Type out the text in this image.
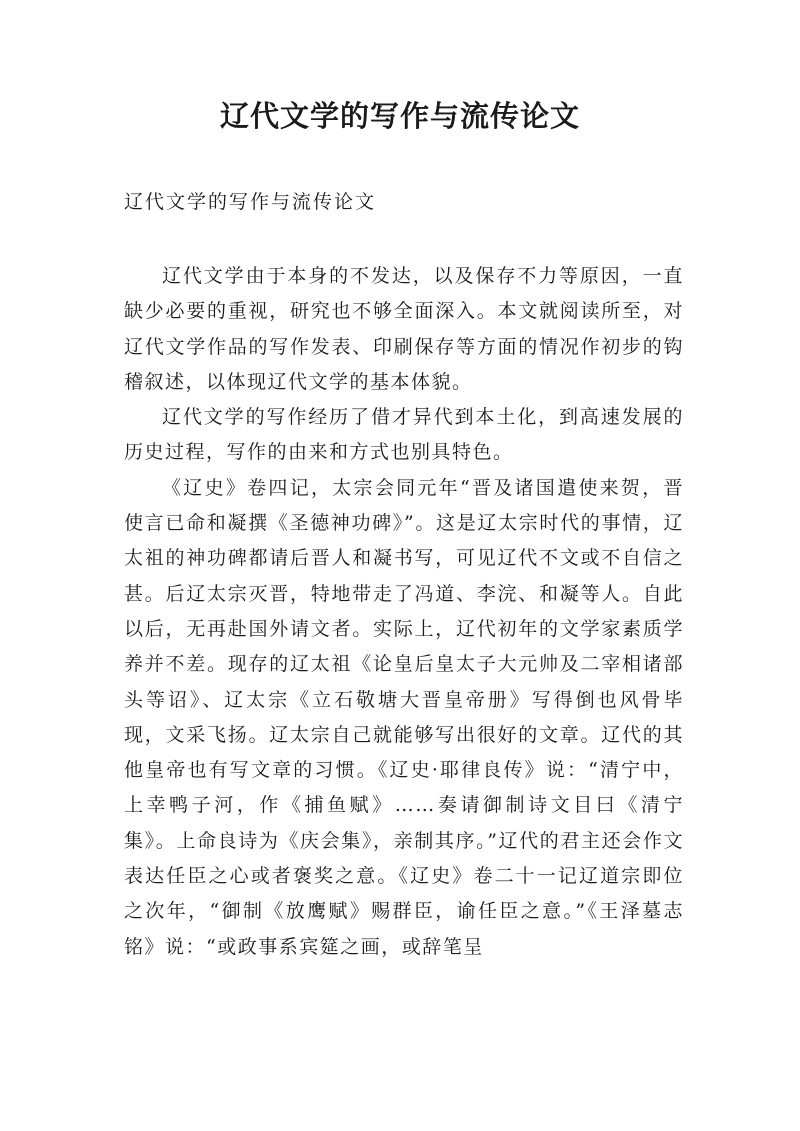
辽代文学的写作与流传论文
辽代文学的写作与流传论文

辽代文学由于本身的不发达，以及保存不力等原因，一直缺少必要的重视，研究也不够全面深入。本文就阅读所至，对辽代文学作品的写作发表、印刷保存等方面的情况作初步的钩稽叙述，以体现辽代文学的基本体貌。

辽代文学的写作经历了借才异代到本土化，到高速发展的历史过程，写作的由来和方式也别具特色。

《辽史》卷四记，太宗会同元年“晋及诸国遣使来贺，晋使言已命和凝撰《圣德神功碑》”。这是辽太宗时代的事情，辽太祖的神功碑都请后晋人和凝书写，可见辽代不文或不自信之甚。后辽太宗灭晋，特地带走了冯道、李浣、和凝等人。自此以后，无再赴国外请文者。实际上，辽代初年的文学家素质学养并不差。现存的辽太祖《论皇后皇太子大元帅及二宰相诸部头等诏》、辽太宗《立石敬塘大晋皇帝册》写得倒也风骨毕现，文采飞扬。辽太宗自己就能够写出很好的文章。辽代的其他皇帝也有写文章的习惯。《辽史·耶律良传》说：“清宁中，上幸鸭子河，作《捕鱼赋》……奏请御制诗文目曰《清宁集》。上命良诗为《庆会集》，亲制其序。”辽代的君主还会作文表达任臣之心或者褒奖之意。《辽史》卷二十一记辽道宗即位之次年，“御制《放鹰赋》赐群臣，谕任臣之意。”《王泽墓志铭》说：“或政事系宾筵之画，或辞笔呈
